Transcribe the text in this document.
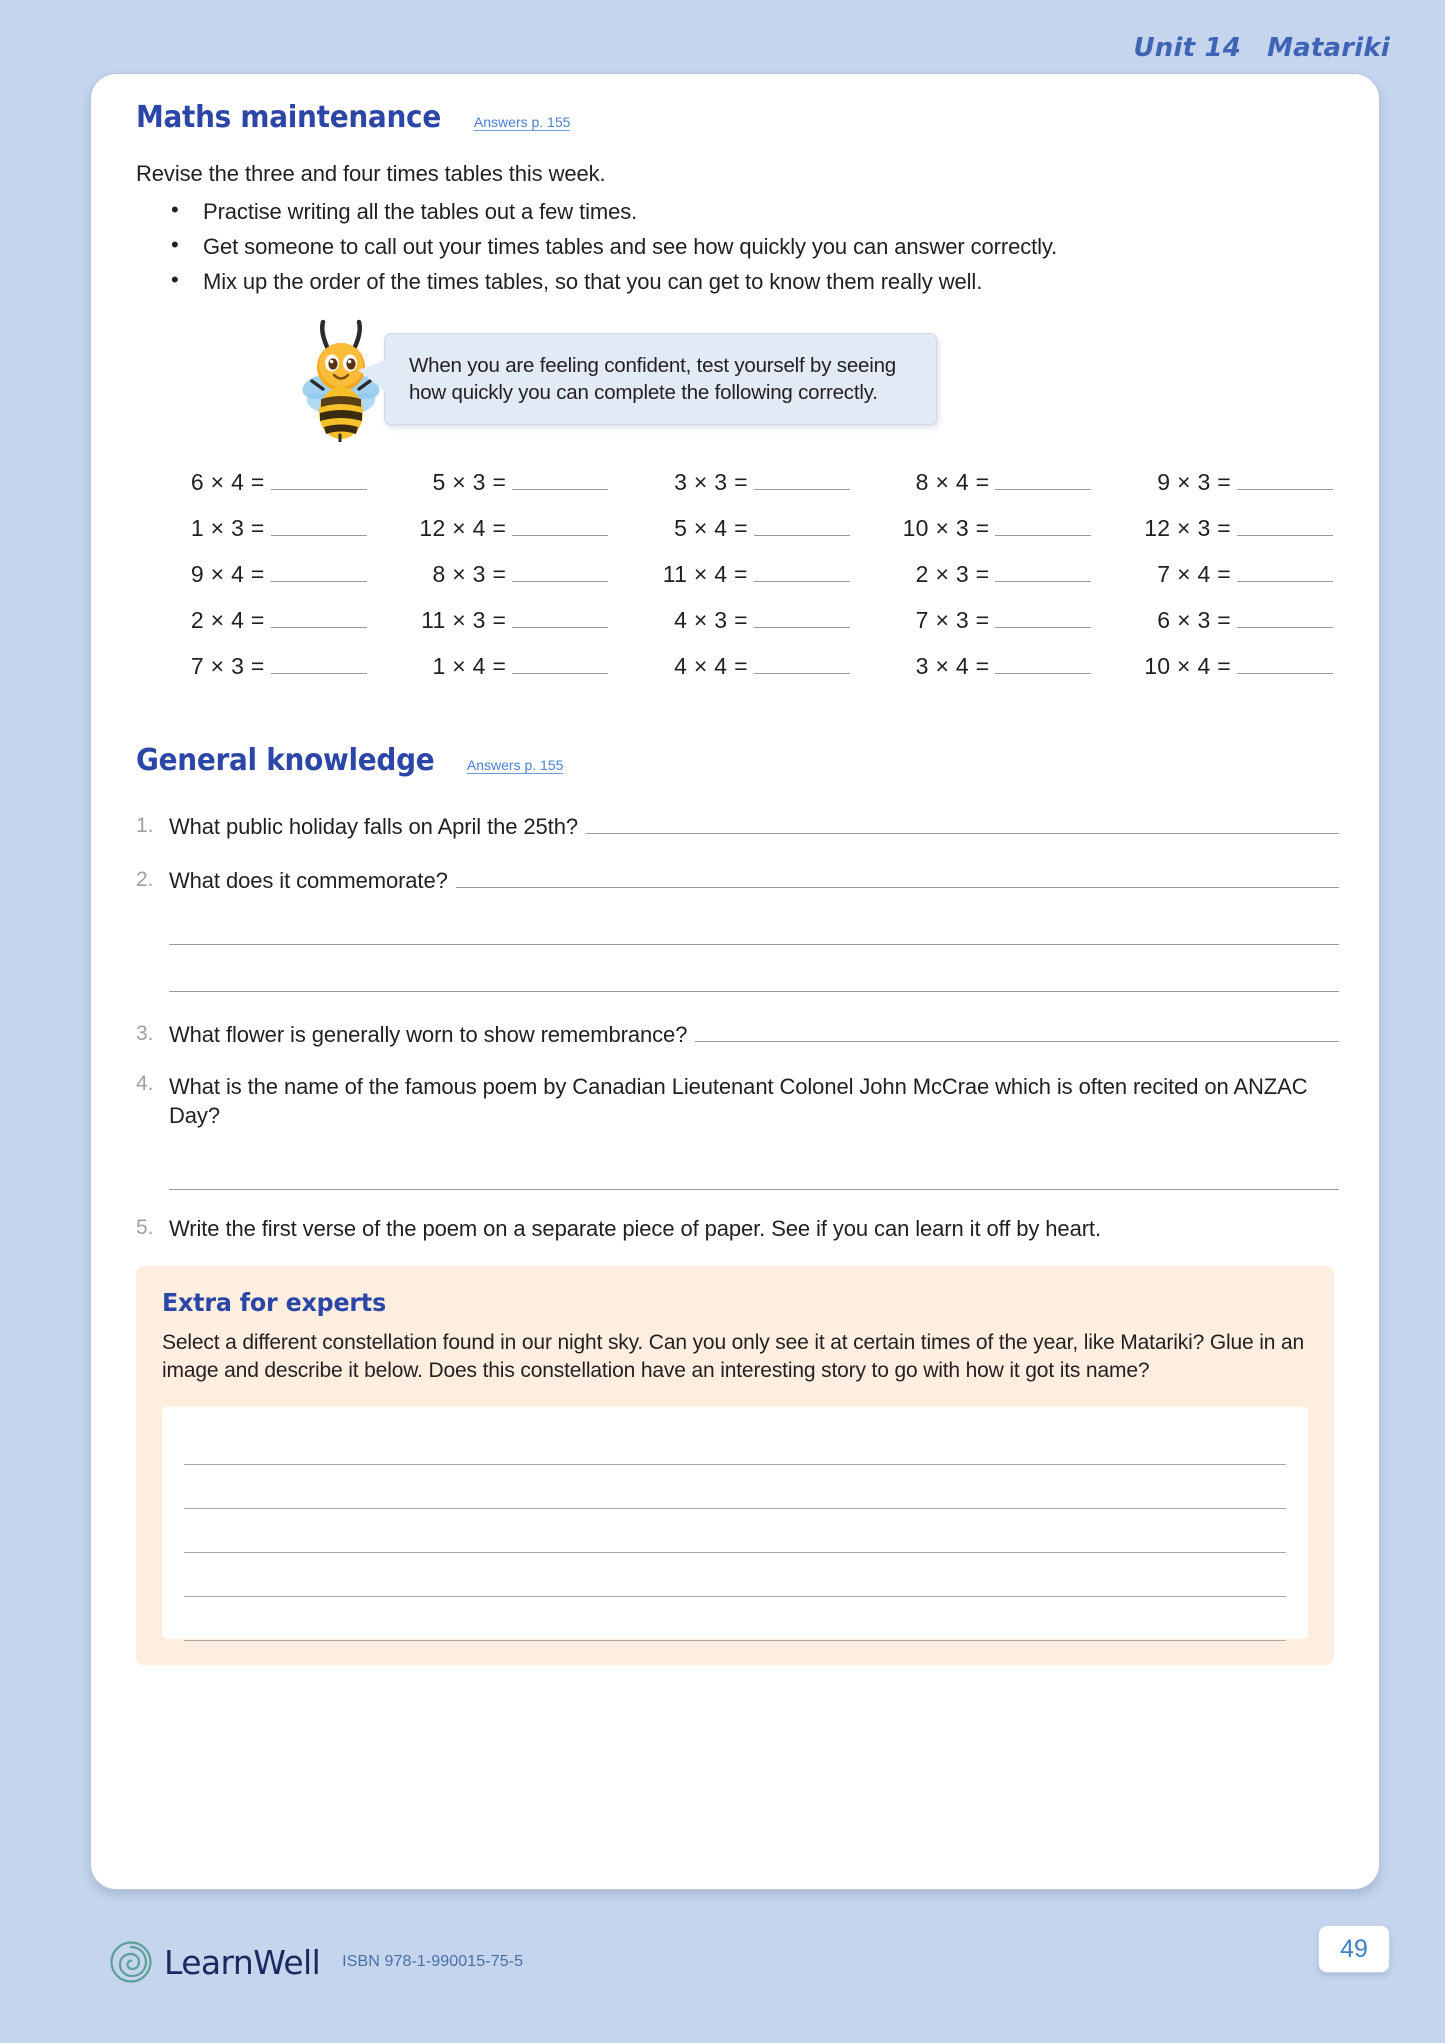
Unit 14 Matariki
Maths maintenance Answers p. 155
Revise the three and four times tables this week.
• Practise writing all the tables out a few times.
• Get someone to call out your times tables and see how quickly you can answer correctly.
• Mix up the order of the times tables, so that you can get to know them really well.
When you are feeling confident, test yourself by seeing how quickly you can complete the following correctly.
6 × 4 =	5 × 3 =	3 × 3 =	8 × 4 =	9 × 3 =
1 × 3 =	12 × 4 =	5 × 4 =	10 × 3 =	12 × 3 =
9 × 4 =	8 × 3 =	11 × 4 =	2 × 3 =	7 × 4 =
2 × 4 =	11 × 3 =	4 × 3 =	7 × 3 =	6 × 3 =
7 × 3 =	1 × 4 =	4 × 4 =	3 × 4 =	10 × 4 =
General knowledge Answers p. 155
1. What public holiday falls on April the 25th?
2. What does it commemorate?
3. What flower is generally worn to show remembrance?
4. What is the name of the famous poem by Canadian Lieutenant Colonel John McCrae which is often recited on ANZAC Day?
5. Write the first verse of the poem on a separate piece of paper. See if you can learn it off by heart.
Extra for experts
Select a different constellation found in our night sky. Can you only see it at certain times of the year, like Matariki? Glue in an image and describe it below. Does this constellation have an interesting story to go with how it got its name?
LearnWell ISBN 978-1-990015-75-5	49
